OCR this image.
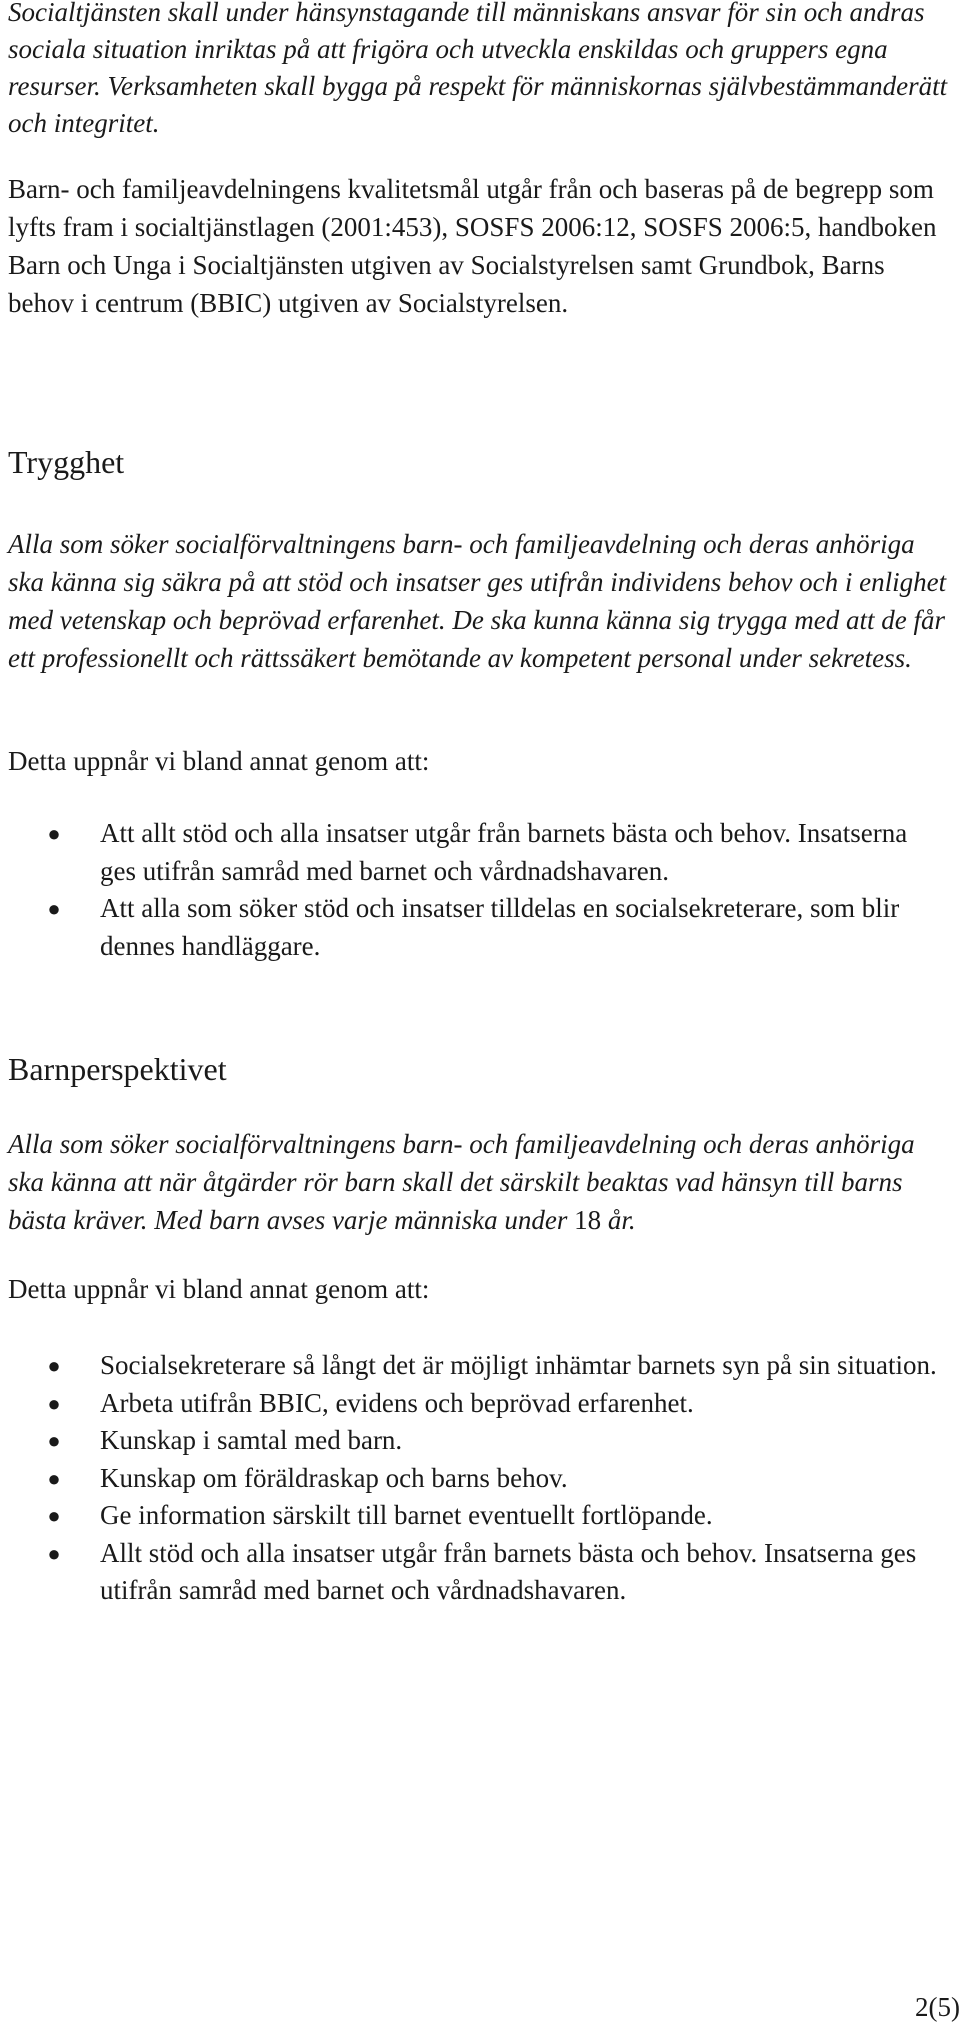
Socialtjänsten skall under hänsynstagande till människans ansvar för sin och andras sociala situation inriktas på att frigöra och utveckla enskildas och gruppers egna resurser. Verksamheten skall bygga på respekt för människornas självbestämmanderätt och integritet.

Barn- och familjeavdelningens kvalitetsmål utgår från och baseras på de begrepp som lyfts fram i socialtjänstlagen (2001:453), SOSFS 2006:12, SOSFS 2006:5, handboken Barn och Unga i Socialtjänsten utgiven av Socialstyrelsen samt Grundbok, Barns behov i centrum (BBIC) utgiven av Socialstyrelsen.

Trygghet

Alla som söker socialförvaltningens barn- och familjeavdelning och deras anhöriga ska känna sig säkra på att stöd och insatser ges utifrån individens behov och i enlighet med vetenskap och beprövad erfarenhet. De ska kunna känna sig trygga med att de får ett professionellt och rättssäkert bemötande av kompetent personal under sekretess.

Detta uppnår vi bland annat genom att:

● Att allt stöd och alla insatser utgår från barnets bästa och behov. Insatserna ges utifrån samråd med barnet och vårdnadshavaren.
● Att alla som söker stöd och insatser tilldelas en socialsekreterare, som blir dennes handläggare.
Barnperspektivet

Alla som söker socialförvaltningens barn- och familjeavdelning och deras anhöriga ska känna att när åtgärder rör barn skall det särskilt beaktas vad hänsyn till barns bästa kräver. Med barn avses varje människa under 18 år.

Detta uppnår vi bland annat genom att:

● Socialsekreterare så långt det är möjligt inhämtar barnets syn på sin situation.
● Arbeta utifrån BBIC, evidens och beprövad erfarenhet.
● Kunskap i samtal med barn.
● Kunskap om föräldraskap och barns behov.
● Ge information särskilt till barnet eventuellt fortlöpande.
● Allt stöd och alla insatser utgår från barnets bästa och behov. Insatserna ges utifrån samråd med barnet och vårdnadshavaren.
2(5)
